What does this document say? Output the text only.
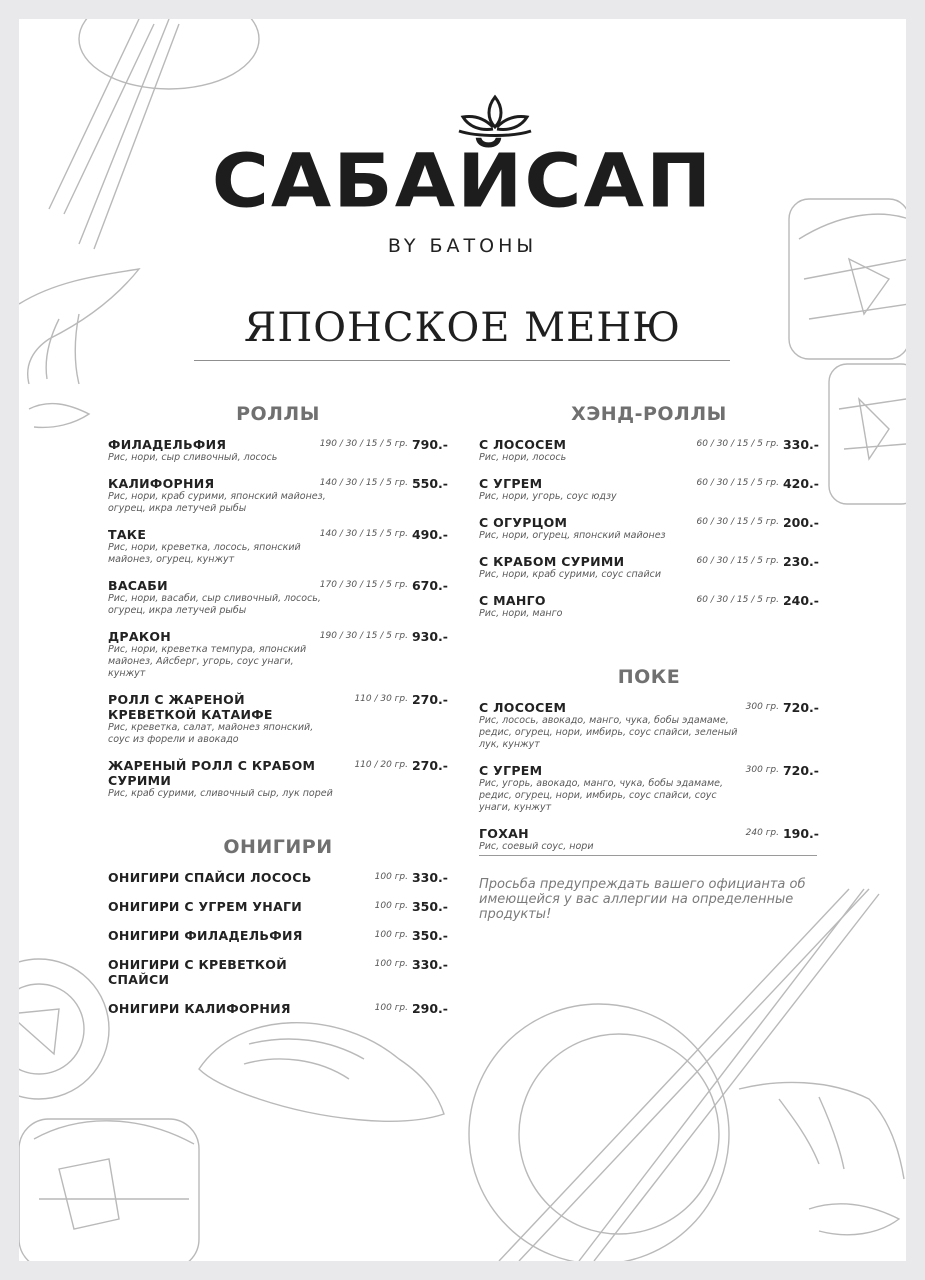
САБАЙСАП
BY БАТОНЫ
ЯПОНСКОЕ МЕНЮ
РОЛЛЫ
ФИЛАДЕЛЬФИЯ
Рис, нори, сыр сливочный, лосось
190 / 30 / 15 / 5 гр. 790.-
КАЛИФОРНИЯ
Рис, нори, краб сурими, японский майонез, огурец, икра летучей рыбы
140 / 30 / 15 / 5 гр. 550.-
ТАКЕ
Рис, нори, креветка, лосось, японский майонез, огурец, кунжут
140 / 30 / 15 / 5 гр. 490.-
ВАСАБИ
Рис, нори, васаби, сыр сливочный, лосось, огурец, икра летучей рыбы
170 / 30 / 15 / 5 гр. 670.-
ДРАКОН
Рис, нори, креветка темпура, японский майонез, Айсберг, угорь, соус унаги, кунжут
190 / 30 / 15 / 5 гр. 930.-
РОЛЛ С ЖАРЕНОЙ КРЕВЕТКОЙ КАТАИФЕ
Рис, креветка, салат, майонез японский, соус из форели и авокадо
110 / 30 гр. 270.-
ЖАРЕНЫЙ РОЛЛ С КРАБОМ СУРИМИ
Рис, краб сурими, сливочный сыр, лук порей
110 / 20 гр. 270.-
ОНИГИРИ
ОНИГИРИ СПАЙСИ ЛОСОСЬ	100 гр. 330.-
ОНИГИРИ С УГРЕМ УНАГИ	100 гр. 350.-
ОНИГИРИ ФИЛАДЕЛЬФИЯ	100 гр. 350.-
ОНИГИРИ С КРЕВЕТКОЙ СПАЙСИ
100 гр. 330.-
ОНИГИРИ КАЛИФОРНИЯ	100 гр. 290.-
ХЭНД-РОЛЛЫ
С ЛОСОСЕМ
Рис, нори, лосось
60 / 30 / 15 / 5 гр. 330.-
С УГРЕМ
Рис, нори, угорь, соус юдзу
60 / 30 / 15 / 5 гр. 420.-
С ОГУРЦОМ
Рис, нори, огурец, японский майонез
60 / 30 / 15 / 5 гр. 200.-
С КРАБОМ СУРИМИ
Рис, нори, краб сурими, соус спайси
60 / 30 / 15 / 5 гр. 230.-
С МАНГО
Рис, нори, манго
60 / 30 / 15 / 5 гр. 240.-
ПОКЕ
С ЛОСОСЕМ
Рис, лосось, авокадо, манго, чука, бобы эдамаме, редис, огурец, нори, имбирь, соус спайси, зеленый лук, кунжут
300 гр. 720.-
С УГРЕМ
Рис, угорь, авокадо, манго, чука, бобы эдамаме, редис, огурец, нори, имбирь, соус спайси, соус унаги, кунжут
300 гр. 720.-
ГОХАН
Рис, соевый соус, нори
240 гр. 190.-
Просьба предупреждать вашего официанта об имеющейся у вас аллергии на определенные продукты!
